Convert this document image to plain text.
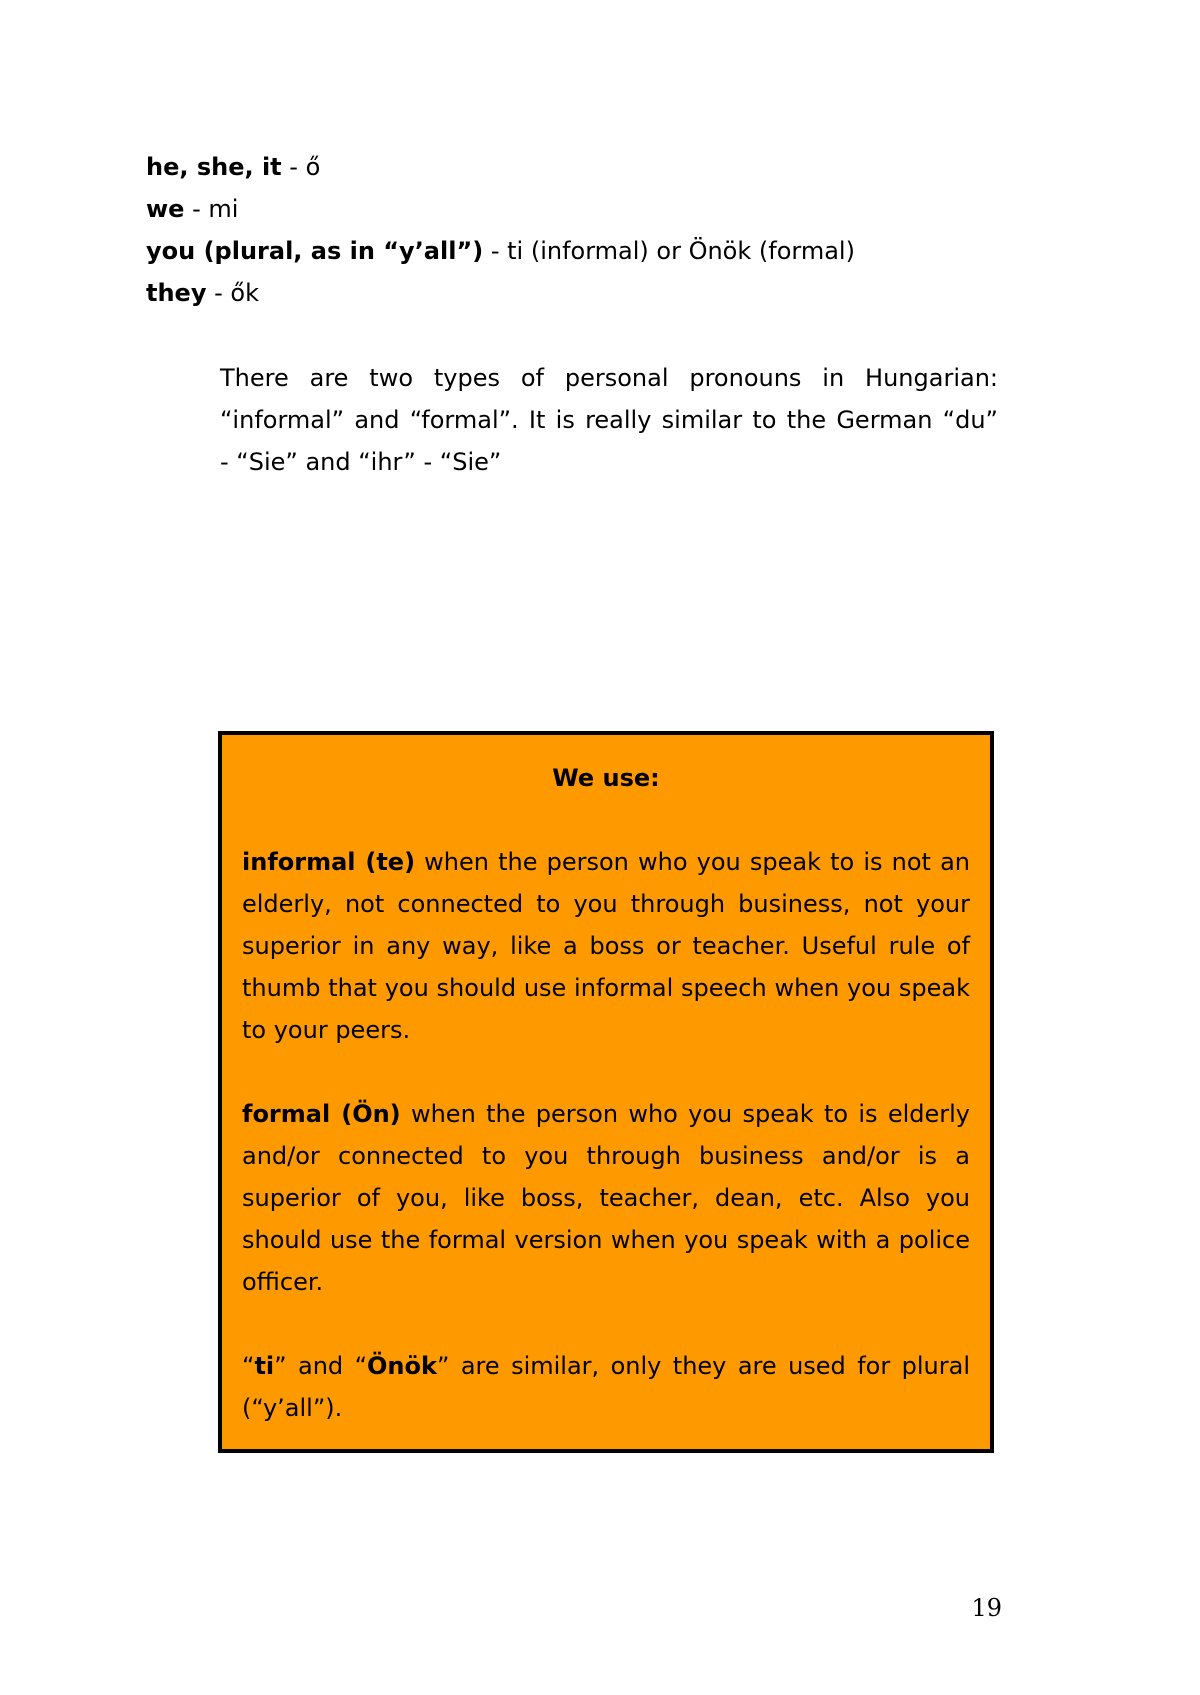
he, she, it - ő
we - mi
you (plural, as in “y’all”) - ti (informal) or Önök (formal)
they - ők
There are two types of personal pronouns in Hungarian:
“informal” and “formal”. It is really similar to the German “du”
- “Sie” and “ihr” - “Sie”
We use:
informal (te) when the person who you speak to is not an
elderly, not connected to you through business, not your
superior in any way, like a boss or teacher. Useful rule of
thumb that you should use informal speech when you speak
to your peers.
formal (Ön) when the person who you speak to is elderly
and/or connected to you through business and/or is a
superior of you, like boss, teacher, dean, etc. Also you
should use the formal version when you speak with a police
officer.
“ti” and “Önök” are similar, only they are used for plural
(“y’all”).
19
